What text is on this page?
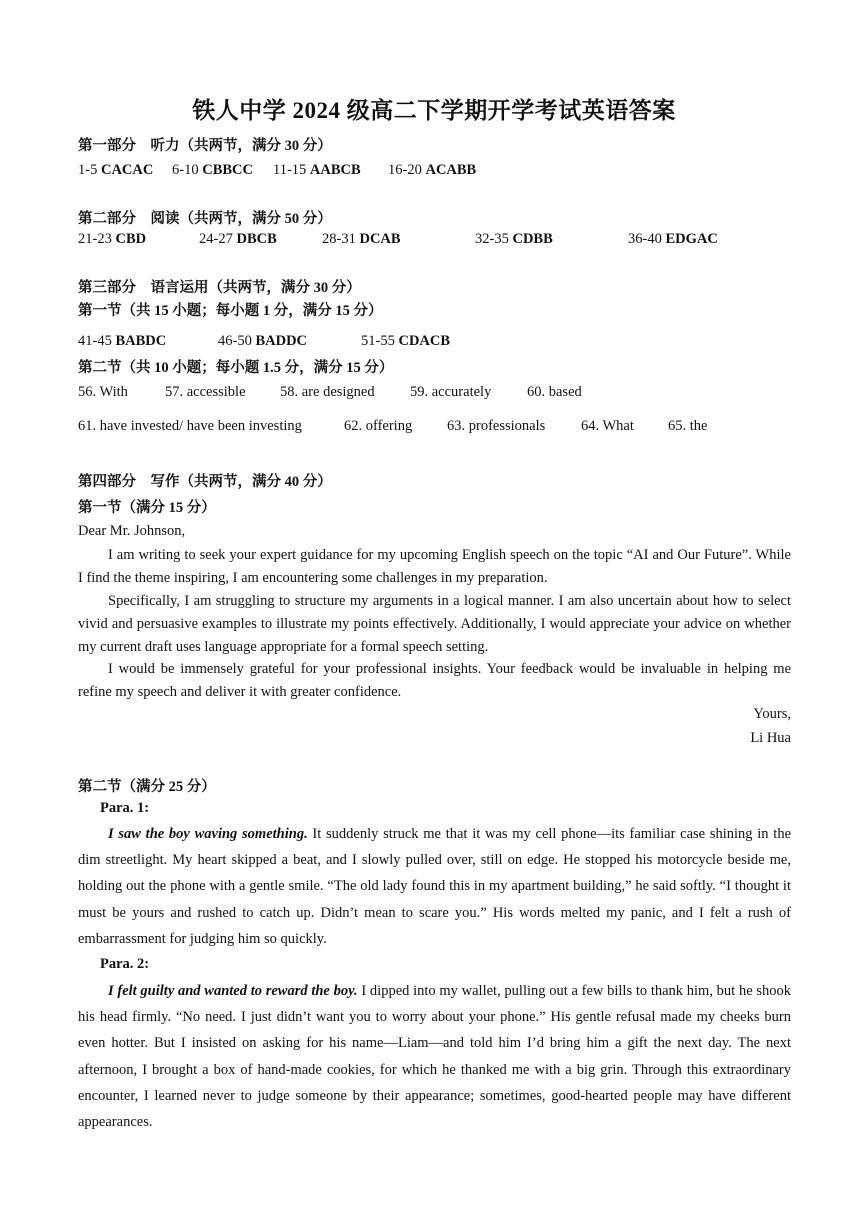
铁人中学 2024 级高二下学期开学考试英语答案
第一部分　听力（共两节，满分 30 分）
1-5 CACAC 6-10 CBBCC 11-15 AABCB 16-20 ACABB
第二部分　阅读（共两节，满分 50 分）
21-23 CBD	24-27 DBCB	28-31 DCAB	32-35 CDBB	36-40 EDGAC
第三部分　语言运用（共两节，满分 30 分）
第一节（共 15 小题；每小题 1 分，满分 15 分）
41-45 BABDC	46-50 BADDC	51-55 CDACB
第二节（共 10 小题；每小题 1.5 分，满分 15 分）
56. With	57. accessible 58. are designed 59. accurately 60. based
61. have invested/ have been investing	62. offering 63. professionals 64. What 65. the
第四部分　写作（共两节，满分 40 分）
第一节（满分 15 分）
Dear Mr. Johnson,
I am writing to seek your expert guidance for my upcoming English speech on the topic “AI and Our Future”. While I find the theme inspiring, I am encountering some challenges in my preparation.
Specifically, I am struggling to structure my arguments in a logical manner. I am also uncertain about how to select vivid and persuasive examples to illustrate my points effectively. Additionally, I would appreciate your advice on whether my current draft uses language appropriate for a formal speech setting.
I would be immensely grateful for your professional insights. Your feedback would be invaluable in helping me refine my speech and deliver it with greater confidence.
Yours,
Li Hua
第二节（满分 25 分）
Para. 1:
I saw the boy waving something. It suddenly struck me that it was my cell phone—its familiar case shining in the dim streetlight. My heart skipped a beat, and I slowly pulled over, still on edge. He stopped his motorcycle beside me, holding out the phone with a gentle smile. “The old lady found this in my apartment building,” he said softly. “I thought it must be yours and rushed to catch up. Didn’t mean to scare you.” His words melted my panic, and I felt a rush of embarrassment for judging him so quickly.
Para. 2:
I felt guilty and wanted to reward the boy. I dipped into my wallet, pulling out a few bills to thank him, but he shook his head firmly. “No need. I just didn’t want you to worry about your phone.” His gentle refusal made my cheeks burn even hotter. But I insisted on asking for his name—Liam—and told him I’d bring him a gift the next day. The next afternoon, I brought a box of hand-made cookies, for which he thanked me with a big grin. Through this extraordinary encounter, I learned never to judge someone by their appearance; sometimes, good-hearted people may have different appearances.
